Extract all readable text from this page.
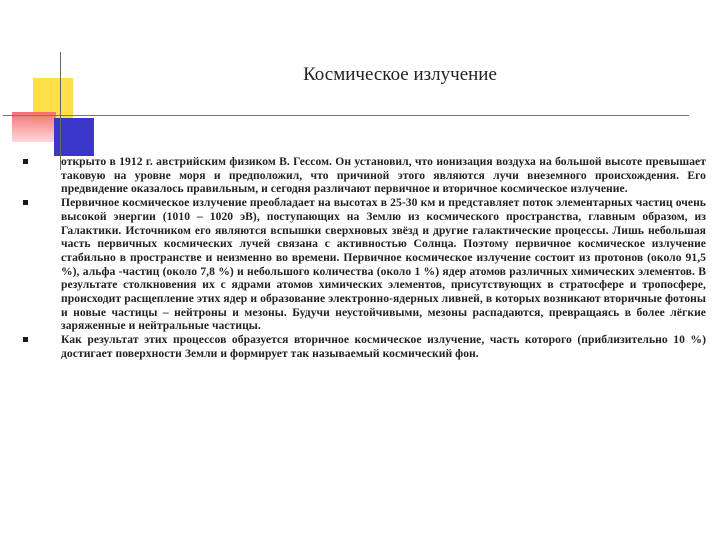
Космическое излучение
открыто в 1912 г. австрийским физиком В. Гессом. Он установил, что ионизация воздуха на большой высоте превышает таковую на уровне моря и предположил, что причиной этого являются лучи внеземного происхождения. Его предвидение оказалось правильным, и сегодня различают первичное и вторичное космическое излучение.
Первичное космическое излучение преобладает на высотах в 25-30 км и представляет поток элементарных частиц очень высокой энергии (1010 – 1020 эВ), поступающих на Землю из космического пространства, главным образом, из Галактики. Источником его являются вспышки сверхновых звёзд и другие галактические процессы. Лишь небольшая часть первичных космических лучей связана с активностью Солнца. Поэтому первичное космическое излучение стабильно в пространстве и неизменно во времени. Первичное космическое излучение состоит из протонов (около 91,5 %), альфа -частиц (около 7,8 %) и небольшого количества (около 1 %) ядер атомов различных химических элементов. В результате столкновения их с ядрами атомов химических элементов, присутствующих в стратосфере и тропосфере, происходит расщепление этих ядер и образование электронно-ядерных ливней, в которых возникают вторичные фотоны и новые частицы – нейтроны и мезоны. Будучи неустойчивыми, мезоны распадаются, превращаясь в более лёгкие заряженные и нейтральные частицы.
Как результат этих процессов образуется вторичное космическое излучение, часть которого (приблизительно 10 %) достигает поверхности Земли и формирует так называемый космический фон.
